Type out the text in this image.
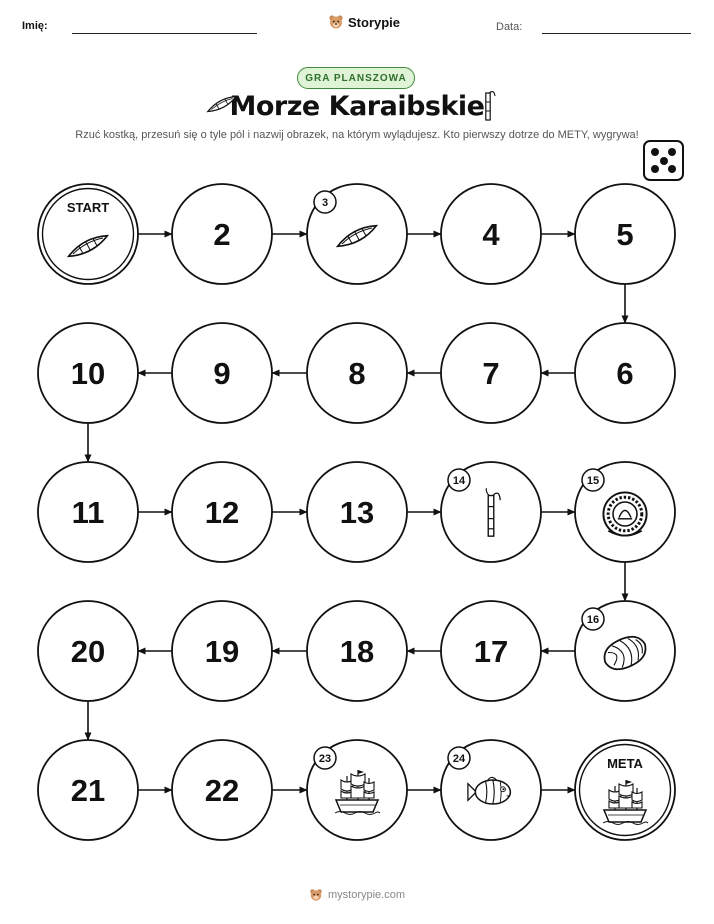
Imię:	Storypie	Data:
GRA PLANSZOWA
Morze Karaibskie
Rzuć kostką, przesuń się o tyle pól i nazwij obrazek, na którym wylądujesz. Kto pierwszy dotrze do METY, wygrywa!
START
2
3
4	5
6
7
8
9
10
11	12	13
14	15
16
17
18
19
20
21	22
23	24	META
mystorypie.com
